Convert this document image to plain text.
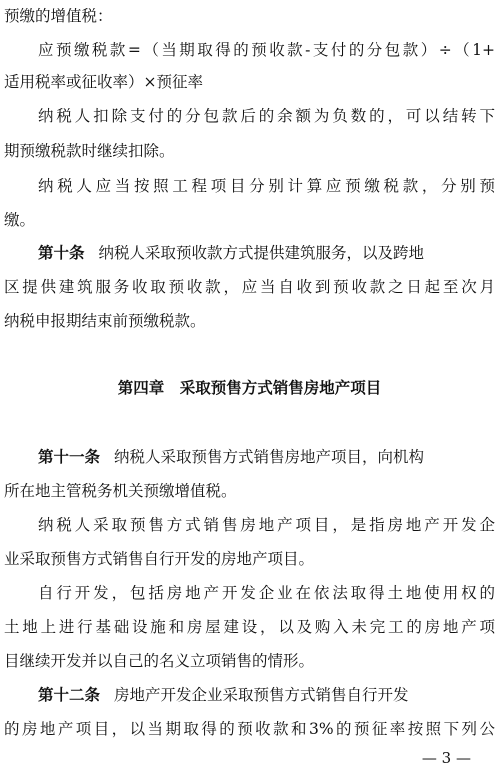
预缴的增值税：
应预缴税款=（当期取得的预收款-支付的分包款）÷（1+
适用税率或征收率）×预征率
纳税人扣除支付的分包款后的余额为负数的，可以结转下
期预缴税款时继续扣除。
纳税人应当按照工程项目分别计算应预缴税款，分别预
缴。
第十条 纳税人采取预收款方式提供建筑服务，以及跨地
区提供建筑服务收取预收款，应当自收到预收款之日起至次月
纳税申报期结束前预缴税款。
第四章　采取预售方式销售房地产项目
第十一条 纳税人采取预售方式销售房地产项目，向机构
所在地主管税务机关预缴增值税。
纳税人采取预售方式销售房地产项目，是指房地产开发企
业采取预售方式销售自行开发的房地产项目。
自行开发，包括房地产开发企业在依法取得土地使用权的
土地上进行基础设施和房屋建设，以及购入未完工的房地产项
目继续开发并以自己的名义立项销售的情形。
第十二条 房地产开发企业采取预售方式销售自行开发
的房地产项目，以当期取得的预收款和3%的预征率按照下列公
— 3 —
